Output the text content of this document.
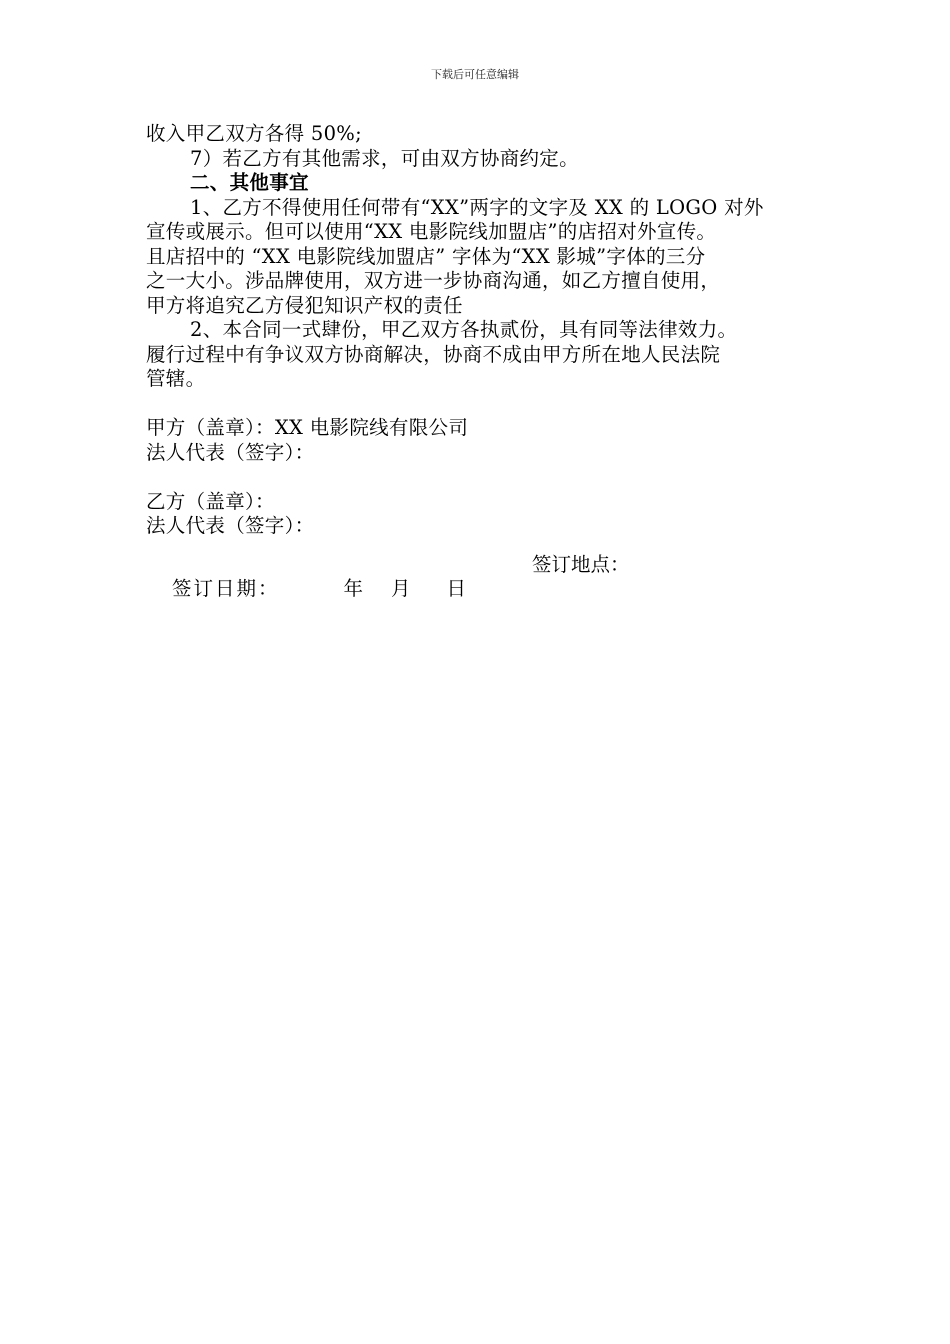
下载后可任意编辑
收入甲乙双方各得 50%;
7）若乙方有其他需求，可由双方协商约定。
二、其他事宜
1、乙方不得使用任何带有“XX”两字的文字及 XX 的 LOGO 对外
宣传或展示。但可以使用“XX 电影院线加盟店”的店招对外宣传。
且店招中的 “XX 电影院线加盟店” 字体为“XX 影城”字体的三分
之一大小。涉品牌使用，双方进一步协商沟通，如乙方擅自使用，
甲方将追究乙方侵犯知识产权的责任
2、本合同一式肆份，甲乙双方各执贰份，具有同等法律效力。
履行过程中有争议双方协商解决，协商不成由甲方所在地人民法院
管辖。
甲方（盖章）：XX 电影院线有限公司
法人代表（签字）：
乙方（盖章）：
法人代表（签字）：
签订地点：
签订日期：	年 月 日
